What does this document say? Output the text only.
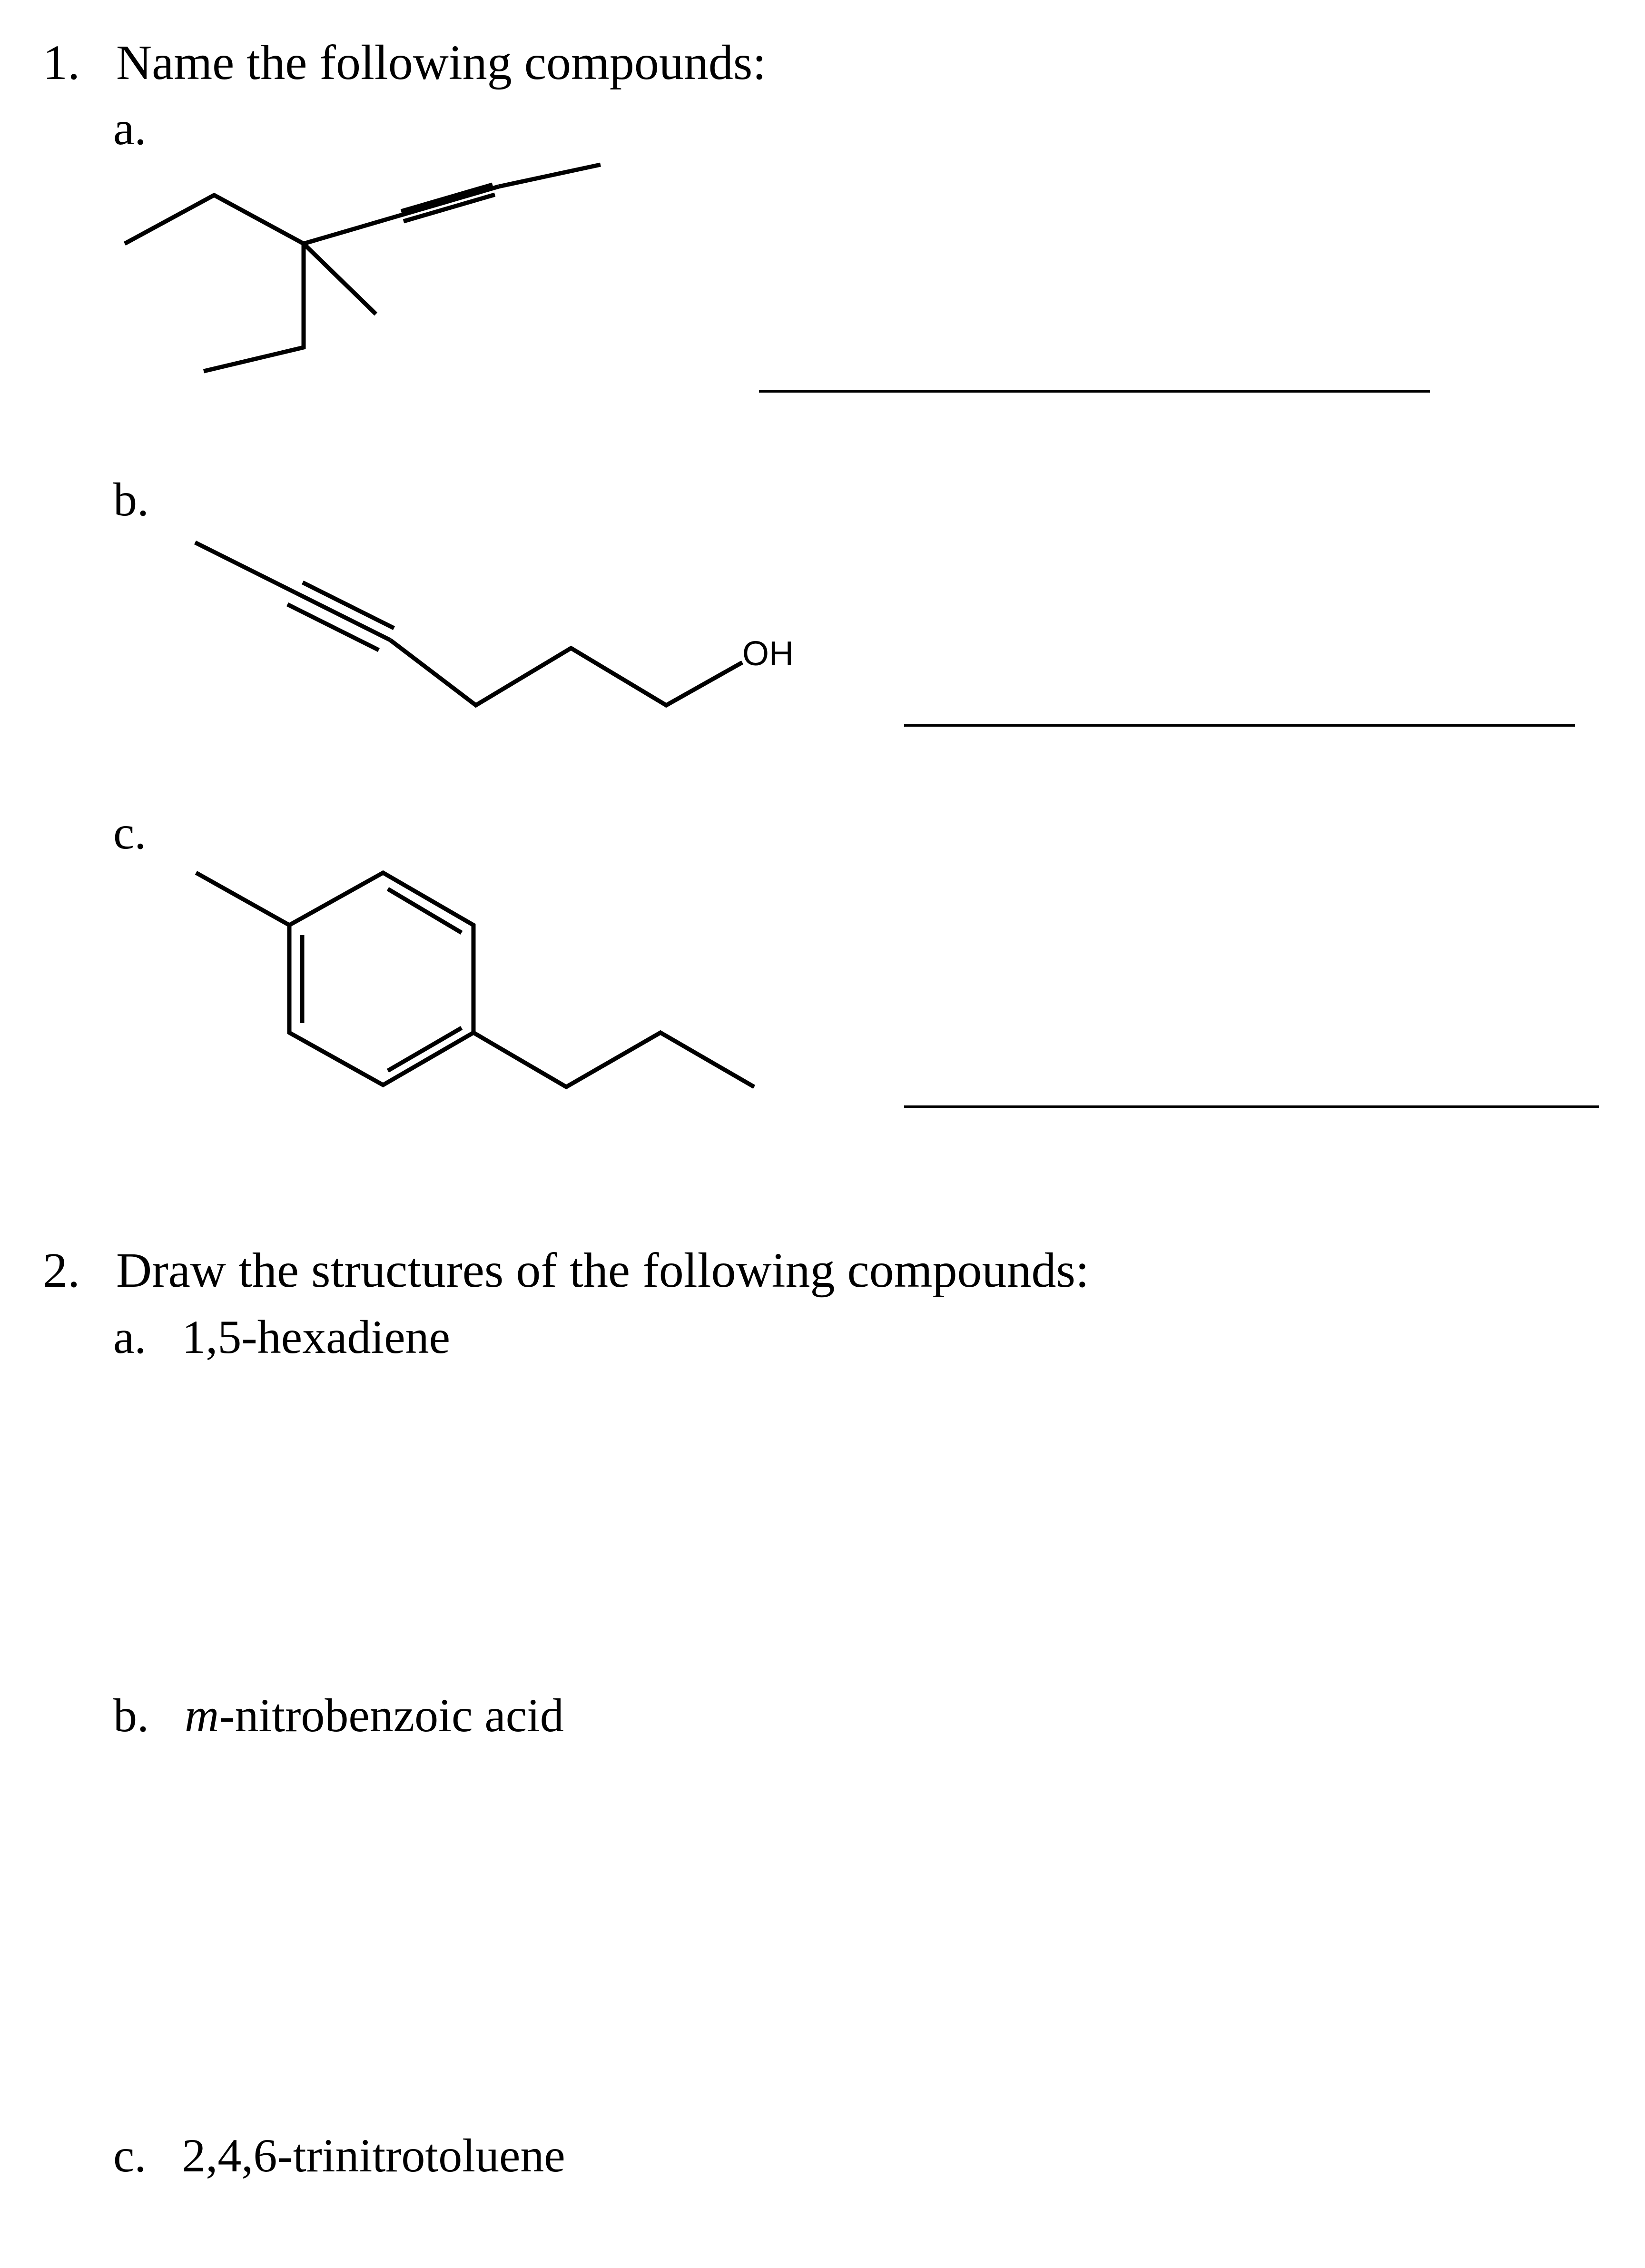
1. Name the following compounds:
a.
b.
c.
OH
2. Draw the structures of the following compounds:
a. 1,5-hexadiene
b. m-nitrobenzoic acid
c. 2,4,6-trinitrotoluene
